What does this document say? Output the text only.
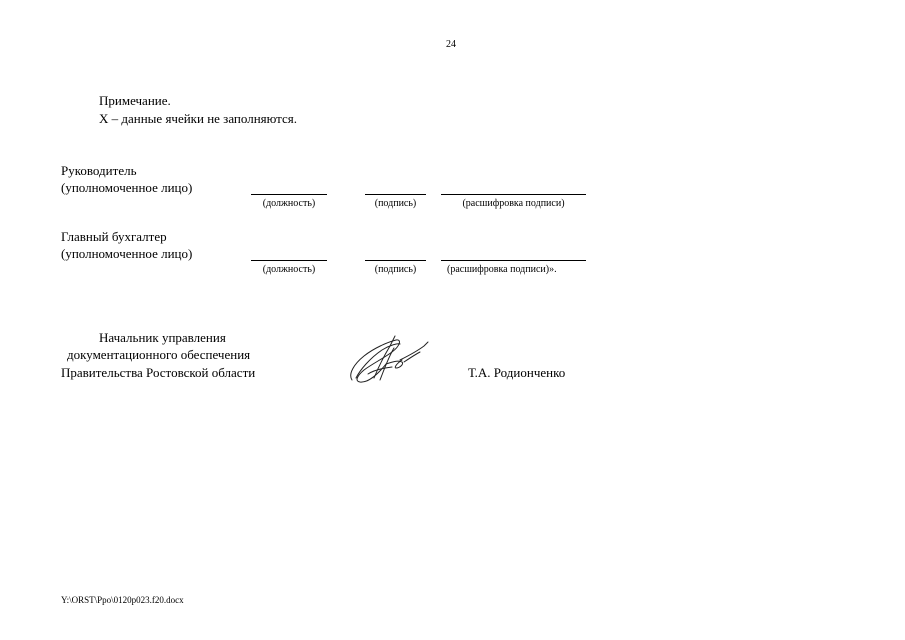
24
Примечание.
Х – данные ячейки не заполняются.
Руководитель
(уполномоченное лицо)
(должность)	(подпись)	(расшифровка подписи)
Главный бухгалтер
(уполномоченное лицо)
(должность)	(подпись)	(расшифровка подписи)».
Начальник управления
документационного обеспечения
Правительства Ростовской области	Т.А. Родионченко
Y:\ORST\Ppo\0120p023.f20.docx
